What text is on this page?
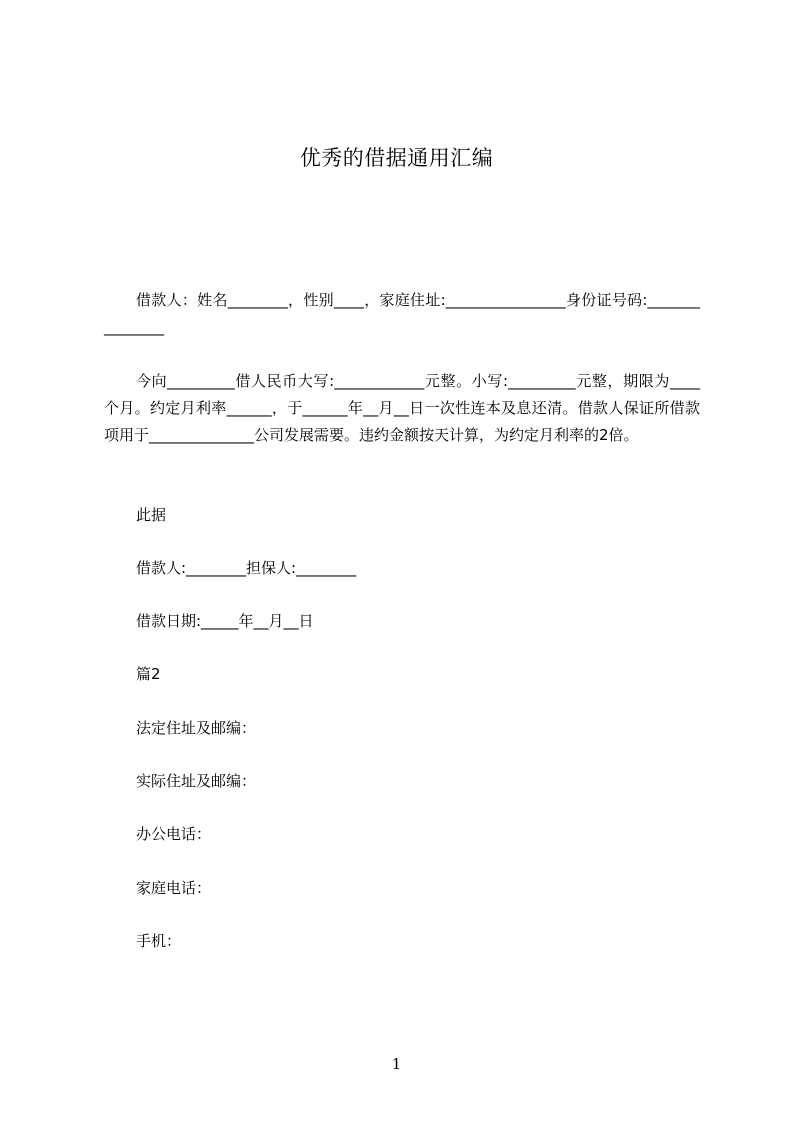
优秀的借据通用汇编

借款人：姓名________，性别____，家庭住址:________________身份证号码:_______________

今向_________借人民币大写:____________元整。小写:_________元整，期限为____个月。约定月利率______，于______年__月__日一次性连本及息还清。借款人保证所借款项用于______________公司发展需要。违约金额按天计算，为约定月利率的2倍。

此据

借款人:________担保人:________

借款日期:_____年__月__日

篇2

法定住址及邮编：

实际住址及邮编：

办公电话：

家庭电话：

手机：

1
